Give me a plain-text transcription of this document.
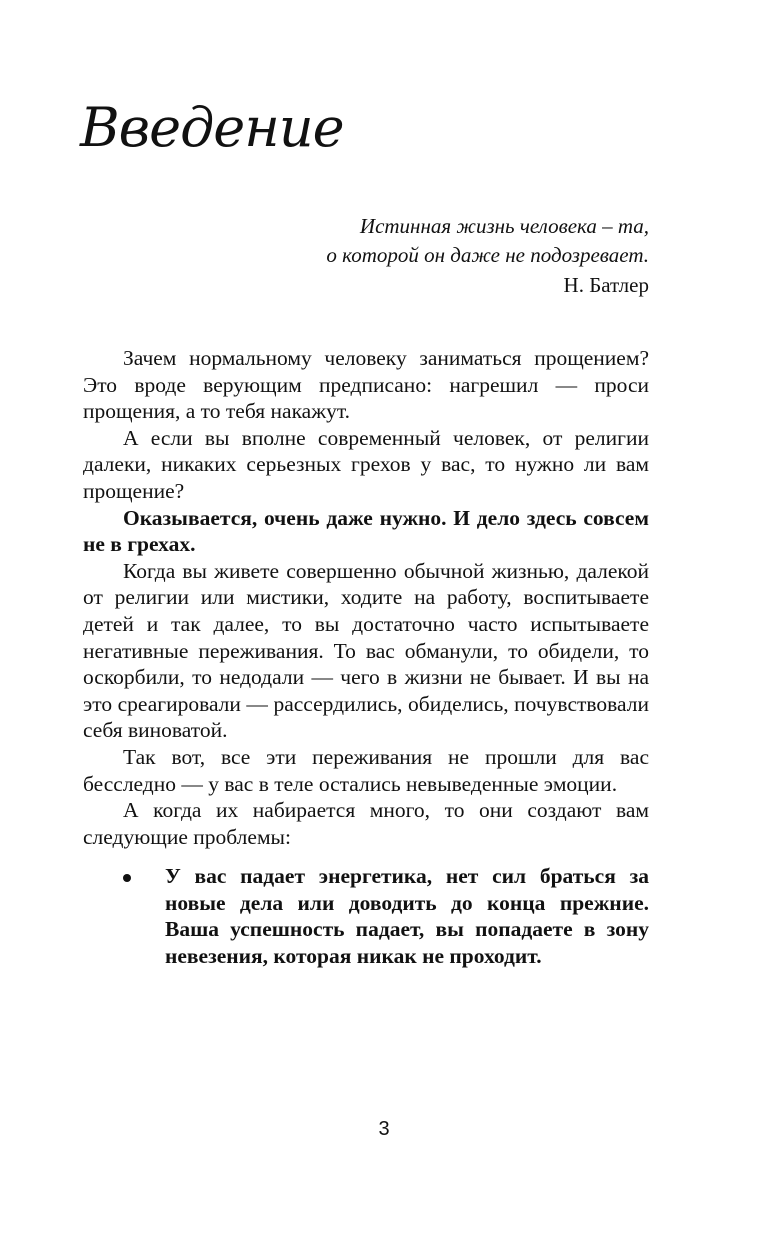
Введение
Истинная жизнь человека – та,
о которой он даже не подозревает.
Н. Батлер

Зачем нормальному человеку заниматься прощением? Это вроде верующим предписано: нагрешил — проси прощения, а то тебя накажут.

А если вы вполне современный человек, от религии далеки, никаких серьезных грехов у вас, то нужно ли вам прощение?

Оказывается, очень даже нужно. И дело здесь совсем не в грехах.

Когда вы живете совершенно обычной жизнью, далекой от религии или мистики, ходите на работу, воспитываете детей и так далее, то вы достаточно часто испытываете негативные переживания. То вас обманули, то обидели, то оскорбили, то недодали — чего в жизни не бывает. И вы на это среагировали — рассердились, обиделись, почувствовали себя виноватой.

Так вот, все эти переживания не прошли для вас бесследно — у вас в теле остались невыведенные эмоции.

А когда их набирается много, то они создают вам следующие проблемы:

У вас падает энергетика, нет сил браться за новые дела или доводить до конца прежние. Ваша успешность падает, вы попадаете в зону невезения, которая никак не проходит.
3
